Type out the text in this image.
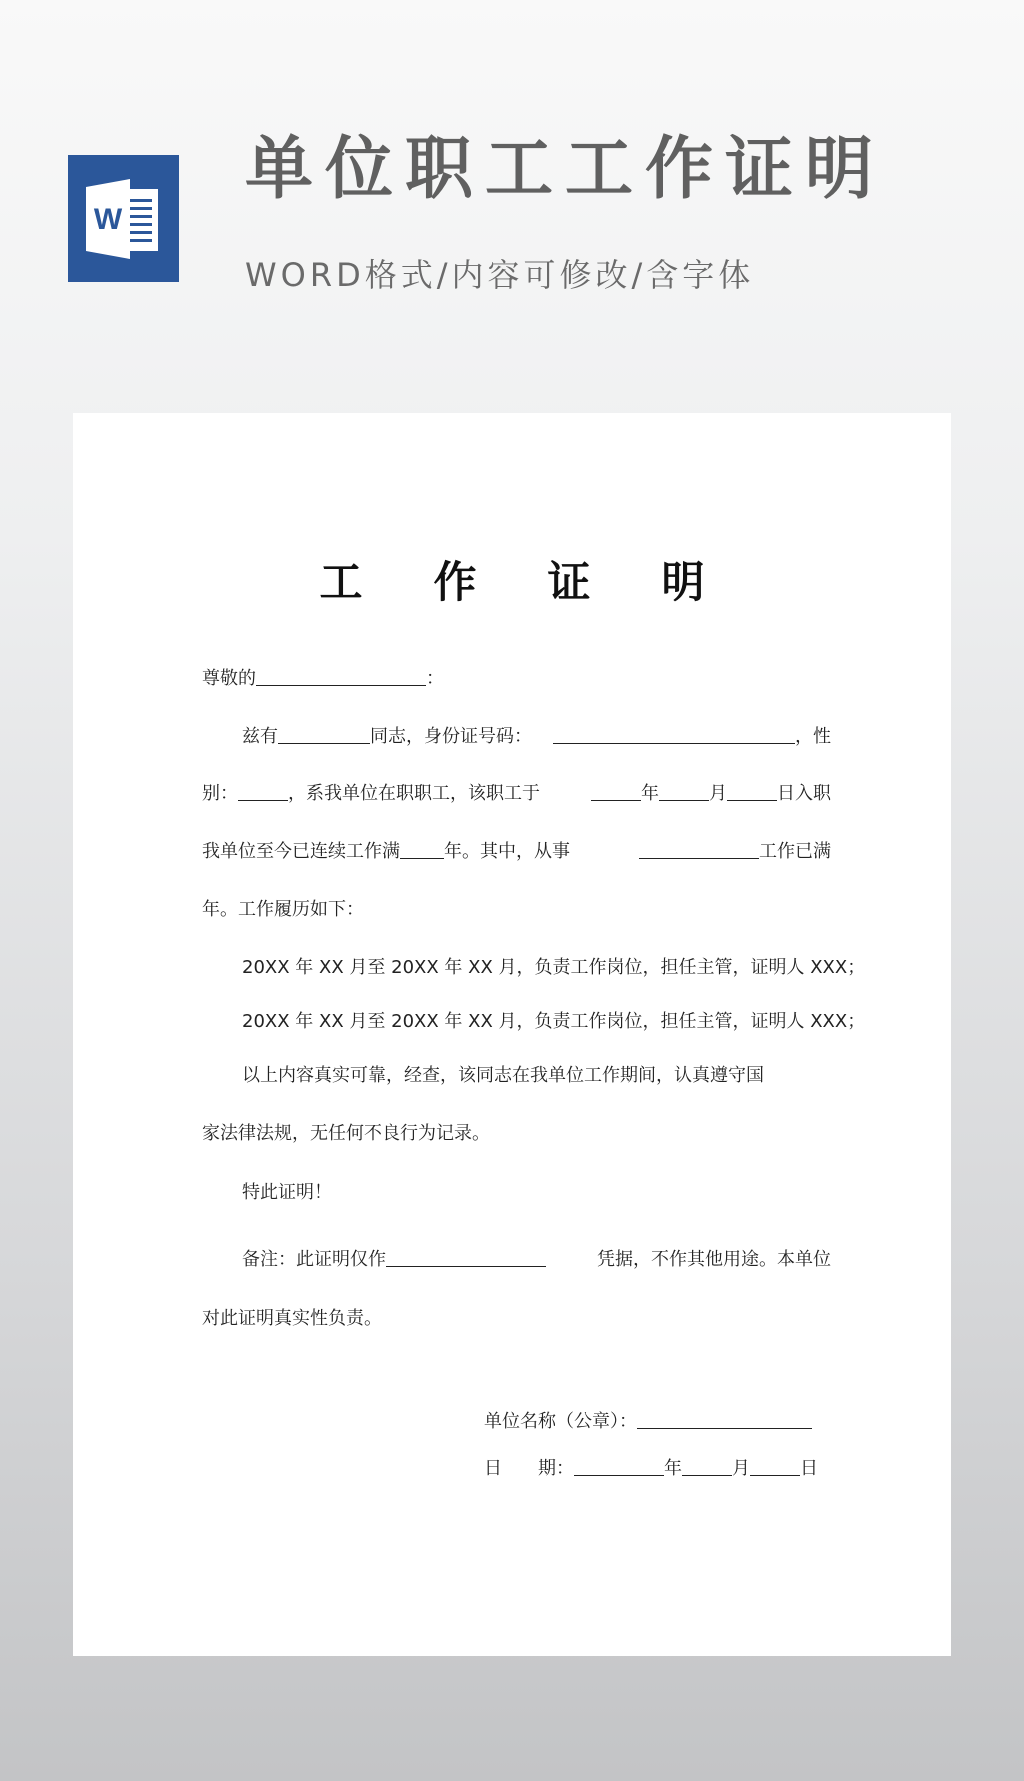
W
单位职工工作证明
WORD格式/内容可修改/含字体
工 作 证 明
尊敬的	：
兹有	同志，身份证号码：	，性
别：	，系我单位在职职工，该职工于	年	月	日入职
我单位至今已连续工作满 年。其中，从事	工作已满
年。工作履历如下：
20XX 年 XX 月至 20XX 年 XX 月，负责工作岗位，担任主管，证明人 XXX；
20XX 年 XX 月至 20XX 年 XX 月，负责工作岗位，担任主管，证明人 XXX；
以上内容真实可靠，经查，该同志在我单位工作期间，认真遵守国
家法律法规，无任何不良行为记录。
特此证明！
备注：此证明仅作	凭据，不作其他用途。本单位
对此证明真实性负责。
单位名称（公章）：
日 期：	年	月	日
